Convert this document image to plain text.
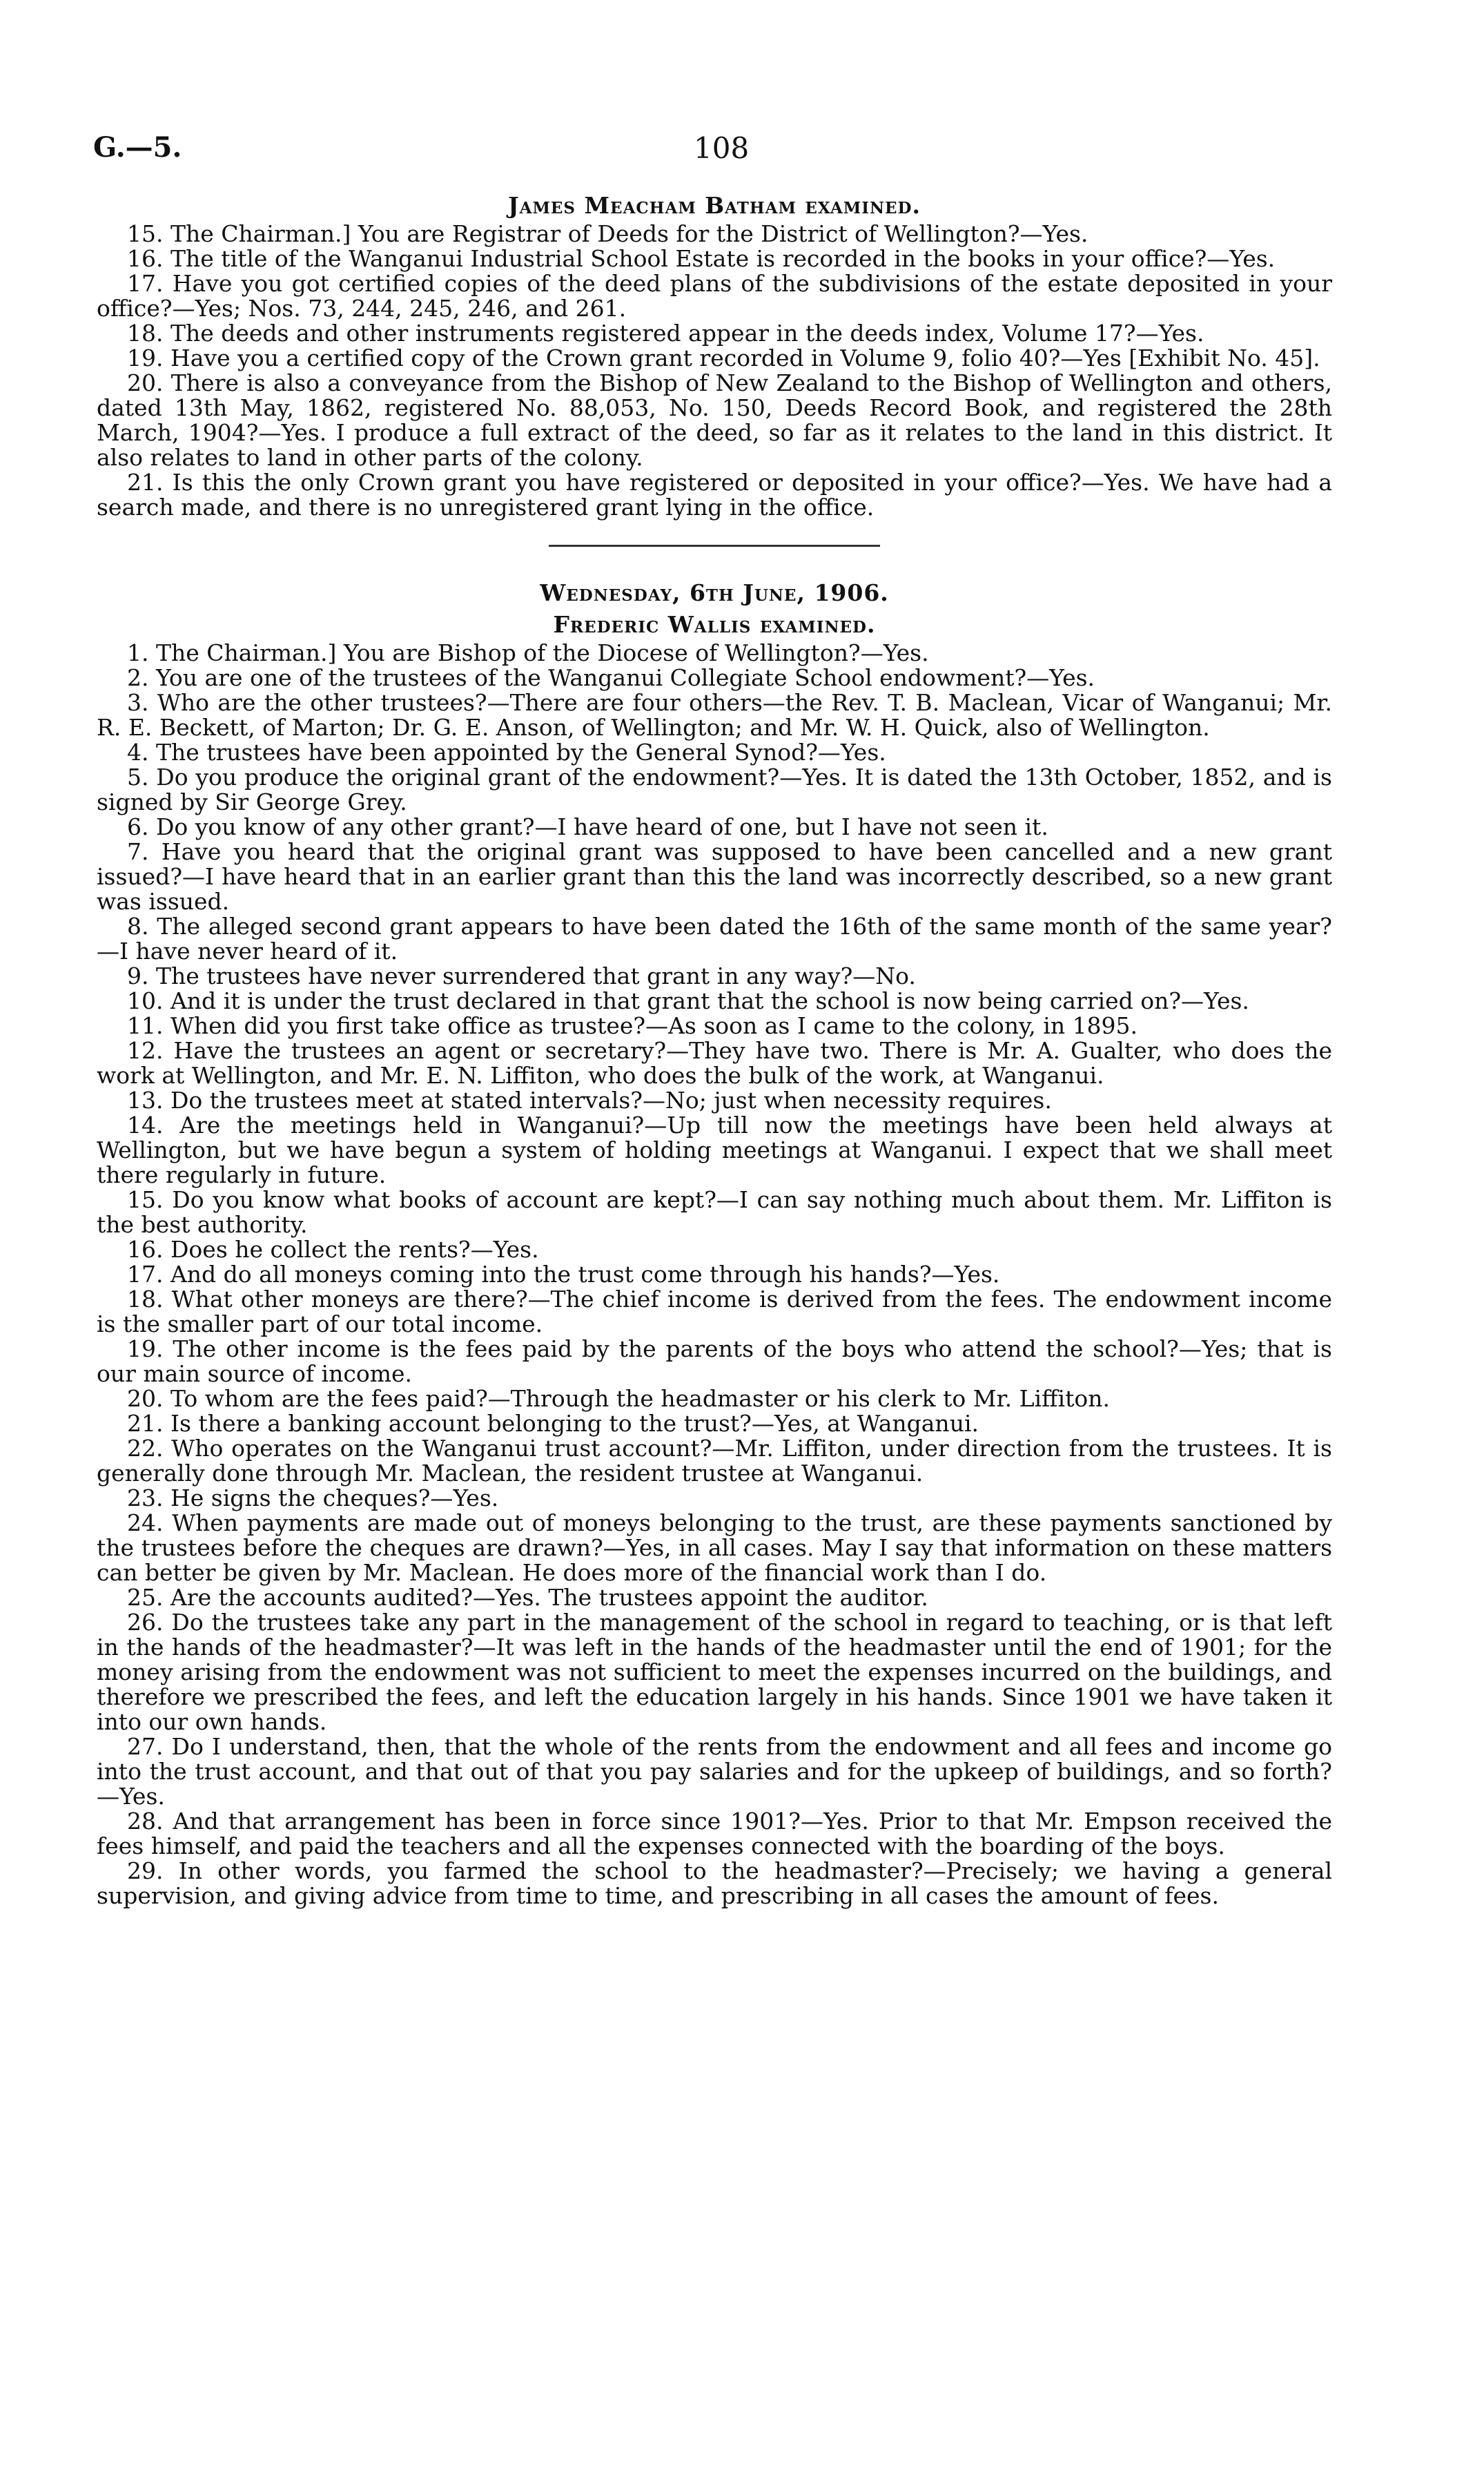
G.—5.	108
James Meacham Batham examined.

15. The Chairman.] You are Registrar of Deeds for the District of Wellington?—Yes.

16. The title of the Wanganui Industrial School Estate is recorded in the books in your office?—Yes.

17. Have you got certified copies of the deed plans of the subdivisions of the estate deposited in your office?—Yes; Nos. 73, 244, 245, 246, and 261.

18. The deeds and other instruments registered appear in the deeds index, Volume 17?—Yes.

19. Have you a certified copy of the Crown grant recorded in Volume 9, folio 40?—Yes [Exhibit No. 45].

20. There is also a conveyance from the Bishop of New Zealand to the Bishop of Wellington and others, dated 13th May, 1862, registered No. 88,053, No. 150, Deeds Record Book, and registered the 28th March, 1904?—Yes. I produce a full extract of the deed, so far as it relates to the land in this district. It also relates to land in other parts of the colony.

21. Is this the only Crown grant you have registered or deposited in your office?—Yes. We have had a search made, and there is no unregistered grant lying in the office.

Wednesday, 6th June, 1906.
Frederic Wallis examined.

1. The Chairman.] You are Bishop of the Diocese of Wellington?—Yes.

2. You are one of the trustees of the Wanganui Collegiate School endowment?—Yes.

3. Who are the other trustees?—There are four others—the Rev. T. B. Maclean, Vicar of Wanganui; Mr. R. E. Beckett, of Marton; Dr. G. E. Anson, of Wellington; and Mr. W. H. Quick, also of Wellington.

4. The trustees have been appointed by the General Synod?—Yes.

5. Do you produce the original grant of the endowment?—Yes. It is dated the 13th October, 1852, and is signed by Sir George Grey.

6. Do you know of any other grant?—I have heard of one, but I have not seen it.

7. Have you heard that the original grant was supposed to have been cancelled and a new grant issued?—I have heard that in an earlier grant than this the land was incorrectly described, so a new grant was issued.

8. The alleged second grant appears to have been dated the 16th of the same month of the same year?—I have never heard of it.

9. The trustees have never surrendered that grant in any way?—No.

10. And it is under the trust declared in that grant that the school is now being carried on?—Yes.

11. When did you first take office as trustee?—As soon as I came to the colony, in 1895.

12. Have the trustees an agent or secretary?—They have two. There is Mr. A. Gualter, who does the work at Wellington, and Mr. E. N. Liffiton, who does the bulk of the work, at Wanganui.

13. Do the trustees meet at stated intervals?—No; just when necessity requires.

14. Are the meetings held in Wanganui?—Up till now the meetings have been held always at Wellington, but we have begun a system of holding meetings at Wanganui. I expect that we shall meet there regularly in future.

15. Do you know what books of account are kept?—I can say nothing much about them. Mr. Liffiton is the best authority.

16. Does he collect the rents?—Yes.

17. And do all moneys coming into the trust come through his hands?—Yes.

18. What other moneys are there?—The chief income is derived from the fees. The endowment income is the smaller part of our total income.

19. The other income is the fees paid by the parents of the boys who attend the school?—Yes; that is our main source of income.

20. To whom are the fees paid?—Through the headmaster or his clerk to Mr. Liffiton.

21. Is there a banking account belonging to the trust?—Yes, at Wanganui.

22. Who operates on the Wanganui trust account?—Mr. Liffiton, under direction from the trustees. It is generally done through Mr. Maclean, the resident trustee at Wanganui.

23. He signs the cheques?—Yes.

24. When payments are made out of moneys belonging to the trust, are these payments sanctioned by the trustees before the cheques are drawn?—Yes, in all cases. May I say that information on these matters can better be given by Mr. Maclean. He does more of the financial work than I do.

25. Are the accounts audited?—Yes. The trustees appoint the auditor.

26. Do the trustees take any part in the management of the school in regard to teaching, or is that left in the hands of the headmaster?—It was left in the hands of the headmaster until the end of 1901; for the money arising from the endowment was not sufficient to meet the expenses incurred on the buildings, and therefore we prescribed the fees, and left the education largely in his hands. Since 1901 we have taken it into our own hands.

27. Do I understand, then, that the whole of the rents from the endowment and all fees and income go into the trust account, and that out of that you pay salaries and for the upkeep of buildings, and so forth?—Yes.

28. And that arrangement has been in force since 1901?—Yes. Prior to that Mr. Empson received the fees himself, and paid the teachers and all the expenses connected with the boarding of the boys.

29. In other words, you farmed the school to the headmaster?—Precisely; we having a general supervision, and giving advice from time to time, and prescribing in all cases the amount of fees.
